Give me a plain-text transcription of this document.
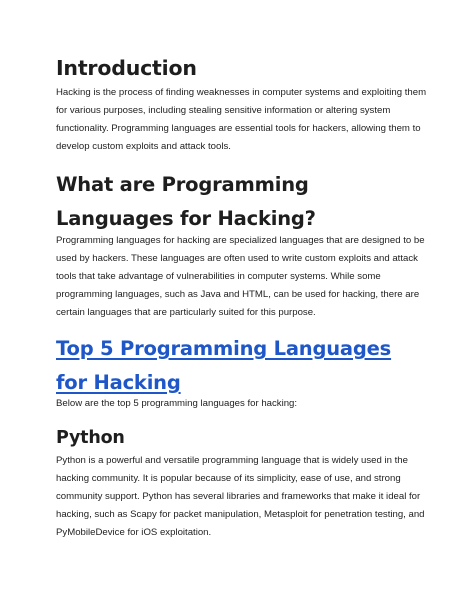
Introduction

Hacking is the process of finding weaknesses in computer systems and exploiting them for various purposes, including stealing sensitive information or altering system functionality. Programming languages are essential tools for hackers, allowing them to develop custom exploits and attack tools.

What are Programming Languages for Hacking?

Programming languages for hacking are specialized languages that are designed to be used by hackers. These languages are often used to write custom exploits and attack tools that take advantage of vulnerabilities in computer systems. While some programming languages, such as Java and HTML, can be used for hacking, there are certain languages that are particularly suited for this purpose.

Top 5 Programming Languages for Hacking

Below are the top 5 programming languages for hacking:

Python

Python is a powerful and versatile programming language that is widely used in the hacking community. It is popular because of its simplicity, ease of use, and strong community support. Python has several libraries and frameworks that make it ideal for hacking, such as Scapy for packet manipulation, Metasploit for penetration testing, and PyMobileDevice for iOS exploitation.
